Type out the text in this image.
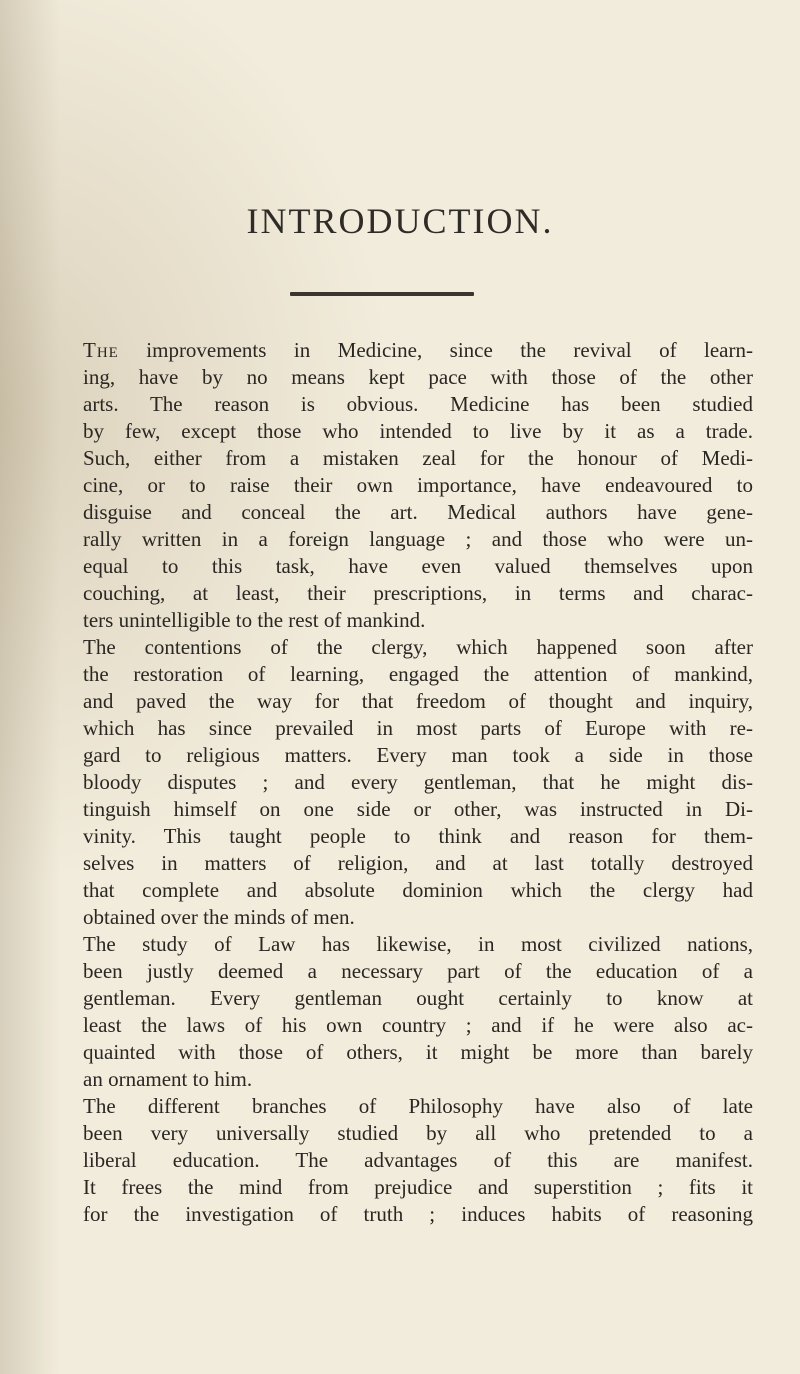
INTRODUCTION.
The improvements in Medicine, since the revival of learn-
ing, have by no means kept pace with those of the other
arts. The reason is obvious. Medicine has been studied
by few, except those who intended to live by it as a trade.
Such, either from a mistaken zeal for the honour of Medi-
cine, or to raise their own importance, have endeavoured to
disguise and conceal the art. Medical authors have gene-
rally written in a foreign language ; and those who were un-
equal to this task, have even valued themselves upon
couching, at least, their prescriptions, in terms and charac-
ters unintelligible to the rest of mankind.
The contentions of the clergy, which happened soon after
the restoration of learning, engaged the attention of mankind,
and paved the way for that freedom of thought and inquiry,
which has since prevailed in most parts of Europe with re-
gard to religious matters. Every man took a side in those
bloody disputes ; and every gentleman, that he might dis-
tinguish himself on one side or other, was instructed in Di-
vinity. This taught people to think and reason for them-
selves in matters of religion, and at last totally destroyed
that complete and absolute dominion which the clergy had
obtained over the minds of men.
The study of Law has likewise, in most civilized nations,
been justly deemed a necessary part of the education of a
gentleman. Every gentleman ought certainly to know at
least the laws of his own country ; and if he were also ac-
quainted with those of others, it might be more than barely
an ornament to him.
The different branches of Philosophy have also of late
been very universally studied by all who pretended to a
liberal education. The advantages of this are manifest.
It frees the mind from prejudice and superstition ; fits it
for the investigation of truth ; induces habits of reasoning
